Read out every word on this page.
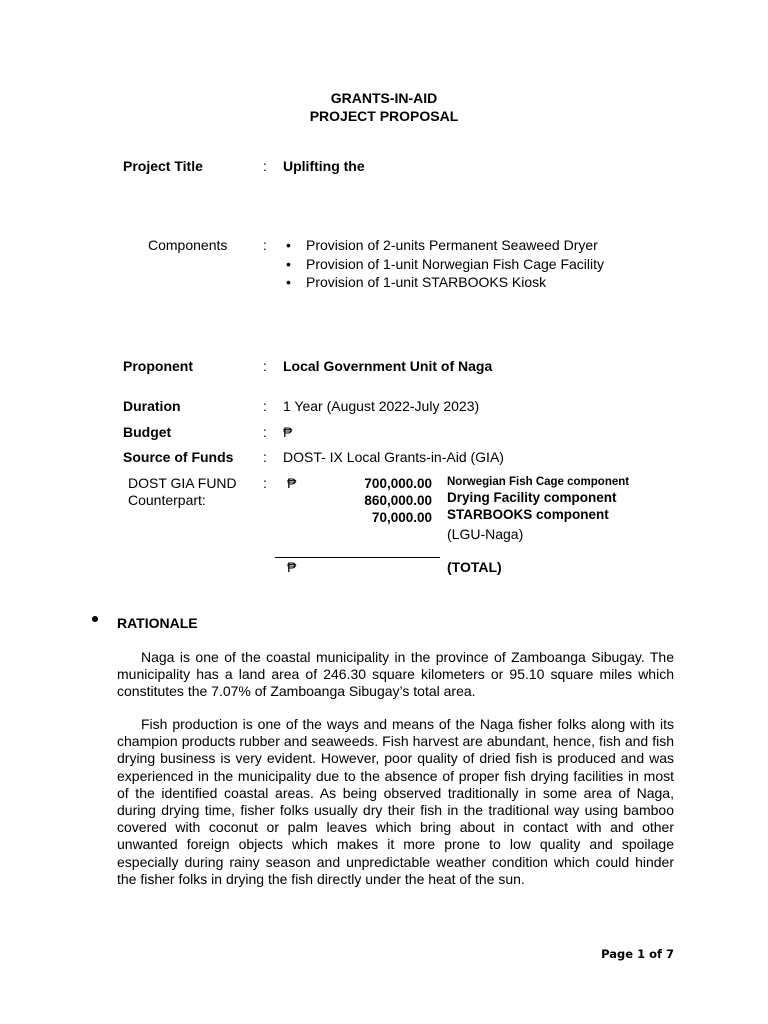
GRANTS-IN-AID
PROJECT PROPOSAL
Project Title	: Uplifting the
Components	:
•	Provision of 2-units Permanent Seaweed Dryer
• Provision of 1-unit Norwegian Fish Cage Facility
• Provision of 1-unit STARBOOKS Kiosk
Proponent	: Local Government Unit of Naga
Duration	: 1 Year (August 2022-July 2023)
Budget	: ₱
Source of Funds : DOST- IX Local Grants-in-Aid (GIA)
DOST GIA FUND
Counterpart:
: ₱	700,000.00
860,000.00
70,000.00
Norwegian Fish Cage component
Drying Facility component
STARBOOKS component
(LGU-Naga)
₱	(TOTAL)
RATIONALE
Naga is one of the coastal municipality in the province of Zamboanga Sibugay. The municipality has a land area of 246.30 square kilometers or 95.10 square miles which constitutes the 7.07% of Zamboanga Sibugay’s total area.
Fish production is one of the ways and means of the Naga fisher folks along with its champion products rubber and seaweeds. Fish harvest are abundant, hence, fish and fish drying business is very evident. However, poor quality of dried fish is produced and was experienced in the municipality due to the absence of proper fish drying facilities in most of the identified coastal areas. As being observed traditionally in some area of Naga, during drying time, fisher folks usually dry their fish in the traditional way using bamboo covered with coconut or palm leaves which bring about in contact with and other unwanted foreign objects which makes it more prone to low quality and spoilage especially during rainy season and unpredictable weather condition which could hinder the fisher folks in drying the fish directly under the heat of the sun.
Page 1 of 7
